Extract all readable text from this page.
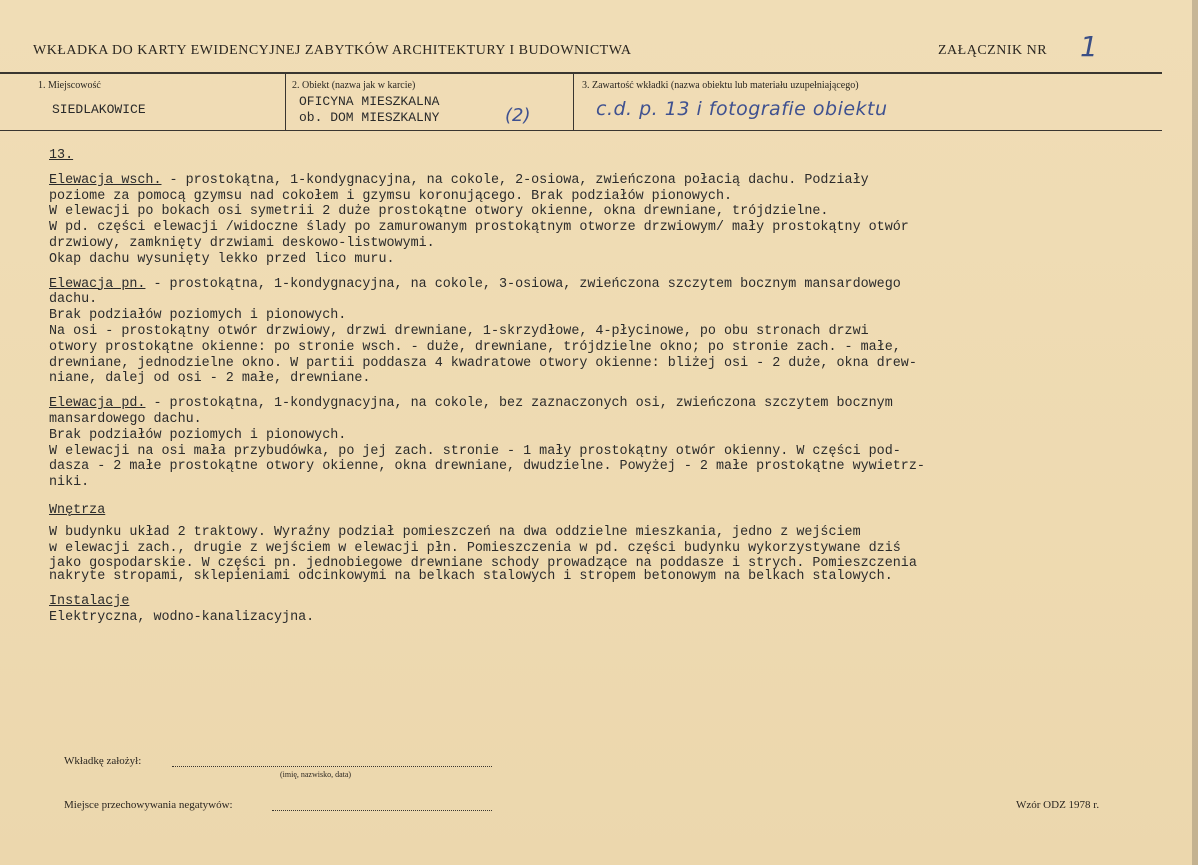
WKŁADKA DO KARTY EWIDENCYJNEJ ZABYTKÓW ARCHITEKTURY I BUDOWNICTWA	ZAŁĄCZNIK NR 1
1. Miejscowość
SIEDLAKOWICE
2. Obiekt (nazwa jak w karcie)
OFICYNA MIESZKALNA
ob. DOM MIESZKALNY	(2)
3. Zawartość wkładki (nazwa obiektu lub materiału uzupełniającego)
c.d. p. 13 i fotografie obiektu

13.

Elewacja wsch. - prostokątna, 1-kondygnacyjna, na cokole, 2-osiowa, zwieńczona połacią dachu. Podziały

poziome za pomocą gzymsu nad cokołem i gzymsu koronującego. Brak podziałów pionowych.

W elewacji po bokach osi symetrii 2 duże prostokątne otwory okienne, okna drewniane, trójdzielne.

W pd. części elewacji /widoczne ślady po zamurowanym prostokątnym otworze drzwiowym/ mały prostokątny otwór

drzwiowy, zamknięty drzwiami deskowo-listwowymi.

Okap dachu wysunięty lekko przed lico muru.

Elewacja pn. - prostokątna, 1-kondygnacyjna, na cokole, 3-osiowa, zwieńczona szczytem bocznym mansardowego

dachu.

Brak podziałów poziomych i pionowych.

Na osi - prostokątny otwór drzwiowy, drzwi drewniane, 1-skrzydłowe, 4-płycinowe, po obu stronach drzwi

otwory prostokątne okienne: po stronie wsch. - duże, drewniane, trójdzielne okno; po stronie zach. - małe,

drewniane, jednodzielne okno. W partii poddasza 4 kwadratowe otwory okienne: bliżej osi - 2 duże, okna drew-

niane, dalej od osi - 2 małe, drewniane.

Elewacja pd. - prostokątna, 1-kondygnacyjna, na cokole, bez zaznaczonych osi, zwieńczona szczytem bocznym

mansardowego dachu.

Brak podziałów poziomych i pionowych.

W elewacji na osi mała przybudówka, po jej zach. stronie - 1 mały prostokątny otwór okienny. W części pod-

dasza - 2 małe prostokątne otwory okienne, okna drewniane, dwudzielne. Powyżej - 2 małe prostokątne wywietrz-

niki.

Wnętrza

W budynku układ 2 traktowy. Wyraźny podział pomieszczeń na dwa oddzielne mieszkania, jedno z wejściem

w elewacji zach., drugie z wejściem w elewacji płn. Pomieszczenia w pd. części budynku wykorzystywane dziś

jako gospodarskie. W części pn. jednobiegowe drewniane schody prowadzące na poddasze i strych. Pomieszczenia

nakryte stropami, sklepieniami odcinkowymi na belkach stalowych i stropem betonowym na belkach stalowych.

Instalacje

Elektryczna, wodno-kanalizacyjna.

Wkładkę założył:
(imię, nazwisko, data)
Miejsce przechowywania negatywów:	Wzór ODZ 1978 r.
